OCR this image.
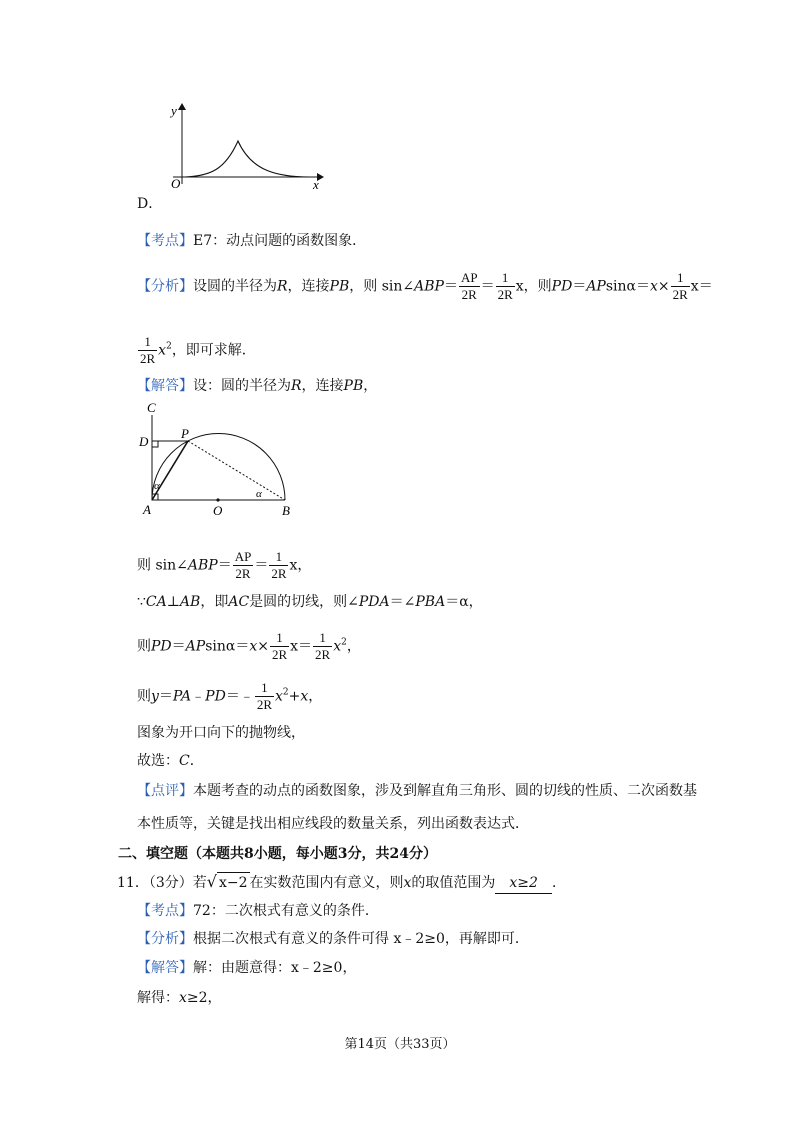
y
x
O
D．
【考点】E7：动点问题的函数图象．
【分析】设圆的半径为R，连接PB，则 sin∠ABP＝ $\frac{AP}{2R} = \frac{1}{2R}$ x，则$PD=APsin\alpha=x\times \frac{1}{2R} x=$
$\frac{1}{2R} x^2$，即可求解．
【解答】设：圆的半径为R，连接PB，
C
D
P
A	O	B
α
α
则 sin∠ABP＝ $\frac{AP}{2R} = \frac{1}{2R}$ x，
∵CA⊥AB，即AC是圆的切线，则∠PDA＝∠PBA＝α，
则$PD=APsin\alpha=x\times \frac{1}{2R} x= \frac{1}{2R} x^2$，
则y＝PA﹣PD＝﹣ $\frac{1}{2R} x^2+x$，
图象为开口向下的抛物线，
故选：C．
【点评】本题考查的动点的函数图象，涉及到解直角三角形、圆的切线的性质、二次函数基
本性质等，关键是找出相应线段的数量关系，列出函数表达式．
二、填空题（本题共8小题，每小题3分，共24分）
11．（3分）若√ x−2 在实数范围内有意义，则x的取值范围为 x≥2 ．
【考点】72：二次根式有意义的条件．
【分析】根据二次根式有意义的条件可得 x﹣2≥0，再解即可．
【解答】解：由题意得：x﹣2≥0，
解得：x≥2，
第14页（共33页）
